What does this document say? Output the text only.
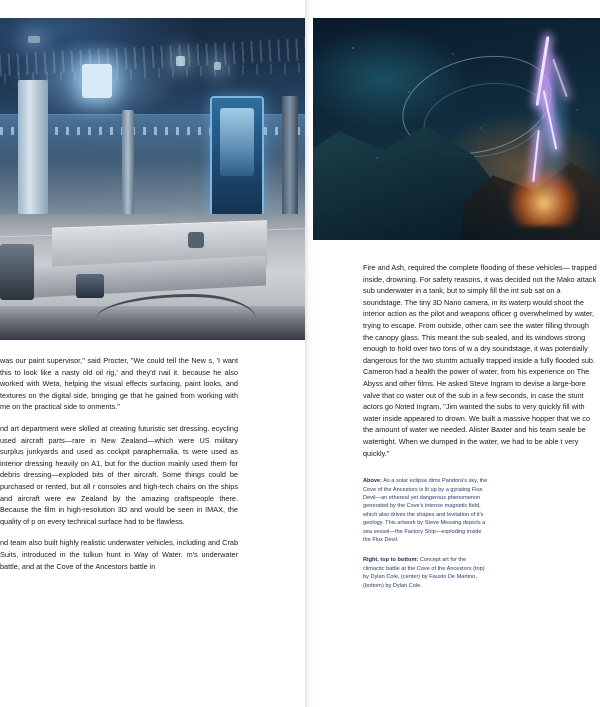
was our paint supervisor," said Procter, "We could tell the New s, 'I want this to look like a nasty old oil rig,' and they'd nail it. because he also worked with Weta, helping the visual effects surfacing, paint looks, and textures on the digital side, bringing ge that he gained from working with me on the practical side to onments."

nd art department were skilled at creating futuristic set dressing. ecycling used aircraft parts—rare in New Zealand—which were US military surplus junkyards and used as cockpit paraphernalia. ts were used as interior dressing heavily on A1, but for the duction mainly used them for debris dressing—exploded bits of ther aircraft. Some things could be purchased or rented, but all r consoles and high-tech chairs on the ships and aircraft were ew Zealand by the amazing craftspeople there. Because the film in high-resolution 3D and would be seen in IMAX, the quality of p on every technical surface had to be flawless.

nd team also built highly realistic underwater vehicles, including and Crab Suits, introduced in the tulkun hunt in Way of Water. m's underwater battle, and at the Cove of the Ancestors battle in

Fire and Ash, required the complete flooding of these vehicles— trapped inside, drowning. For safety reasons, it was decided not the Mako attack sub underwater in a tank, but to simply fill the int sub sat on a soundstage. The tiny 3D Nano camera, in its waterp would shoot the interior action as the pilot and weapons officer g overwhelmed by water, trying to escape. From outside, other cam see the water filling through the canopy glass. This meant the sub sealed, and its windows strong enough to hold over two tons of w a dry soundstage, it was potentially dangerous for the two stuntm actually trapped inside a fully flooded sub. Cameron had a health the power of water, from his experience on The Abyss and other films. He asked Steve Ingram to devise a large-bore valve that co water out of the sub in a few seconds, in case the stunt actors go Noted Ingram, "Jim wanted the subs to very quickly fill with water inside appeared to drown. We built a massive hopper that we co the amount of water we needed. Alister Baxter and his team seale be watertight. When we dumped in the water, we had to be able t very quickly."

Above: As a solar eclipse dims Pandora's sky, the Cove of the Ancestors is lit up by a gyrating Flux Devil—an ethereal yet dangerous phenomenon generated by the Cove's intense magnetic field, which also drives the shapes and levitation of it's geology. This artwork by Steve Messing depicts a sea vessel—the Factory Ship—exploding inside the Flux Devil.
Right, top to bottom: Concept art for the climactic battle at the Cove of the Ancestors (top) by Dylan Cole, (center) by Fausto De Martino, (bottom) by Dylan Cole.
